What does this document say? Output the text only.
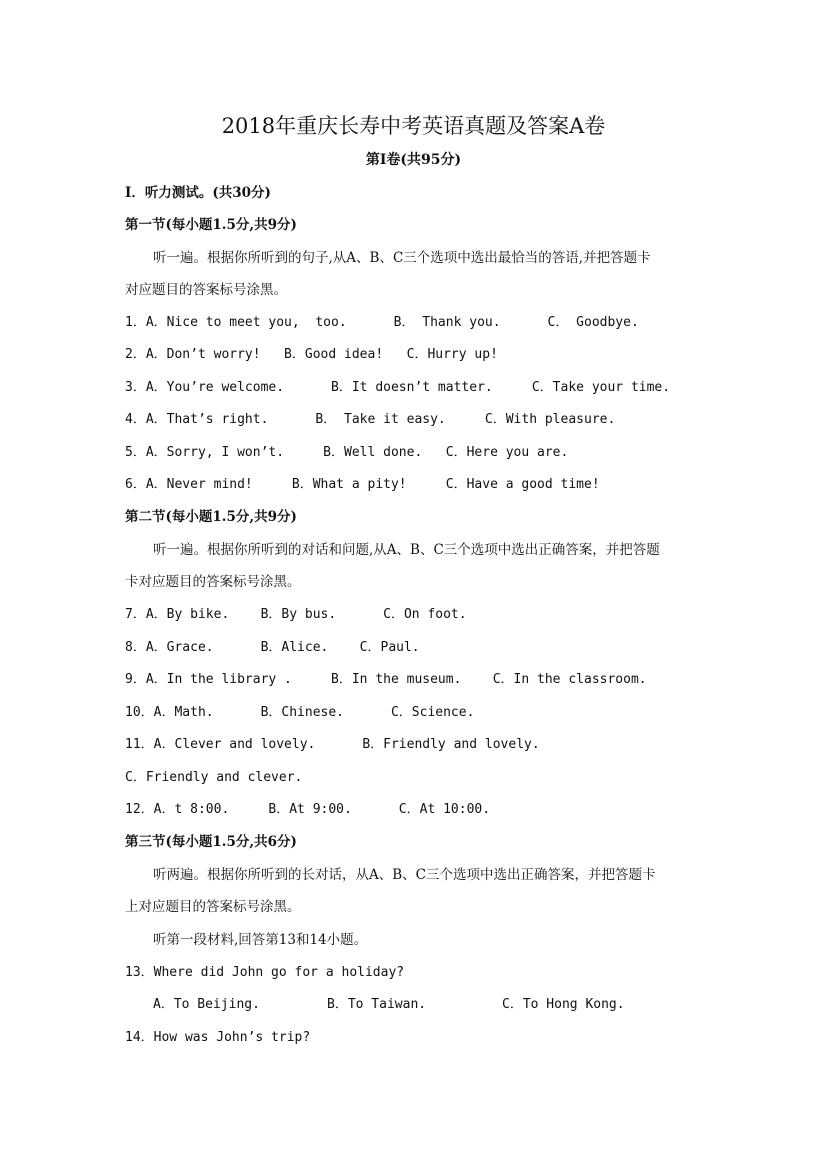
2018年重庆长寿中考英语真题及答案A卷
第Ⅰ卷(共95分)
Ⅰ．听力测试。(共30分)
第一节(每小题1.5分,共9分)
听一遍。根据你所听到的句子,从A、B、C三个选项中选出最恰当的答语,并把答题卡
对应题目的答案标号涂黑。
1．A．Nice to meet you,  too.      B． Thank you.      C． Goodbye.
2．A．Don’t worry!   B．Good idea!   C．Hurry up!
3．A．You’re welcome.      B．It doesn’t matter.     C．Take your time.
4．A．That’s right.      B． Take it easy.     C．With pleasure.
5．A．Sorry, I won’t.     B．Well done.   C．Here you are.
6．A．Never mind!     B．What a pity!     C．Have a good time!
第二节(每小题1.5分,共9分)
听一遍。根据你所听到的对话和问题,从A、B、C三个选项中选出正确答案，并把答题
卡对应题目的答案标号涂黑。
7．A．By bike.    B．By bus.      C．On foot.
8．A．Grace.      B．Alice.    C．Paul.
9．A．In the library .     B．In the museum.    C．In the classroom.
10．A．Math.      B．Chinese.      C．Science.
11．A．Clever and lovely.      B．Friendly and lovely.
C．Friendly and clever.
12．A．t 8:00.     B．At 9:00.      C．At 10:00.
第三节(每小题1.5分,共6分)
听两遍。根据你所听到的长对话，从A、B、C三个选项中选出正确答案，并把答题卡
上对应题目的答案标号涂黑。
听第一段材料,回答第13和14小题。
13．Where did John go for a holiday?
A．To Beijing.	B．To Taiwan.	C．To Hong Kong.
14．How was John’s trip?
